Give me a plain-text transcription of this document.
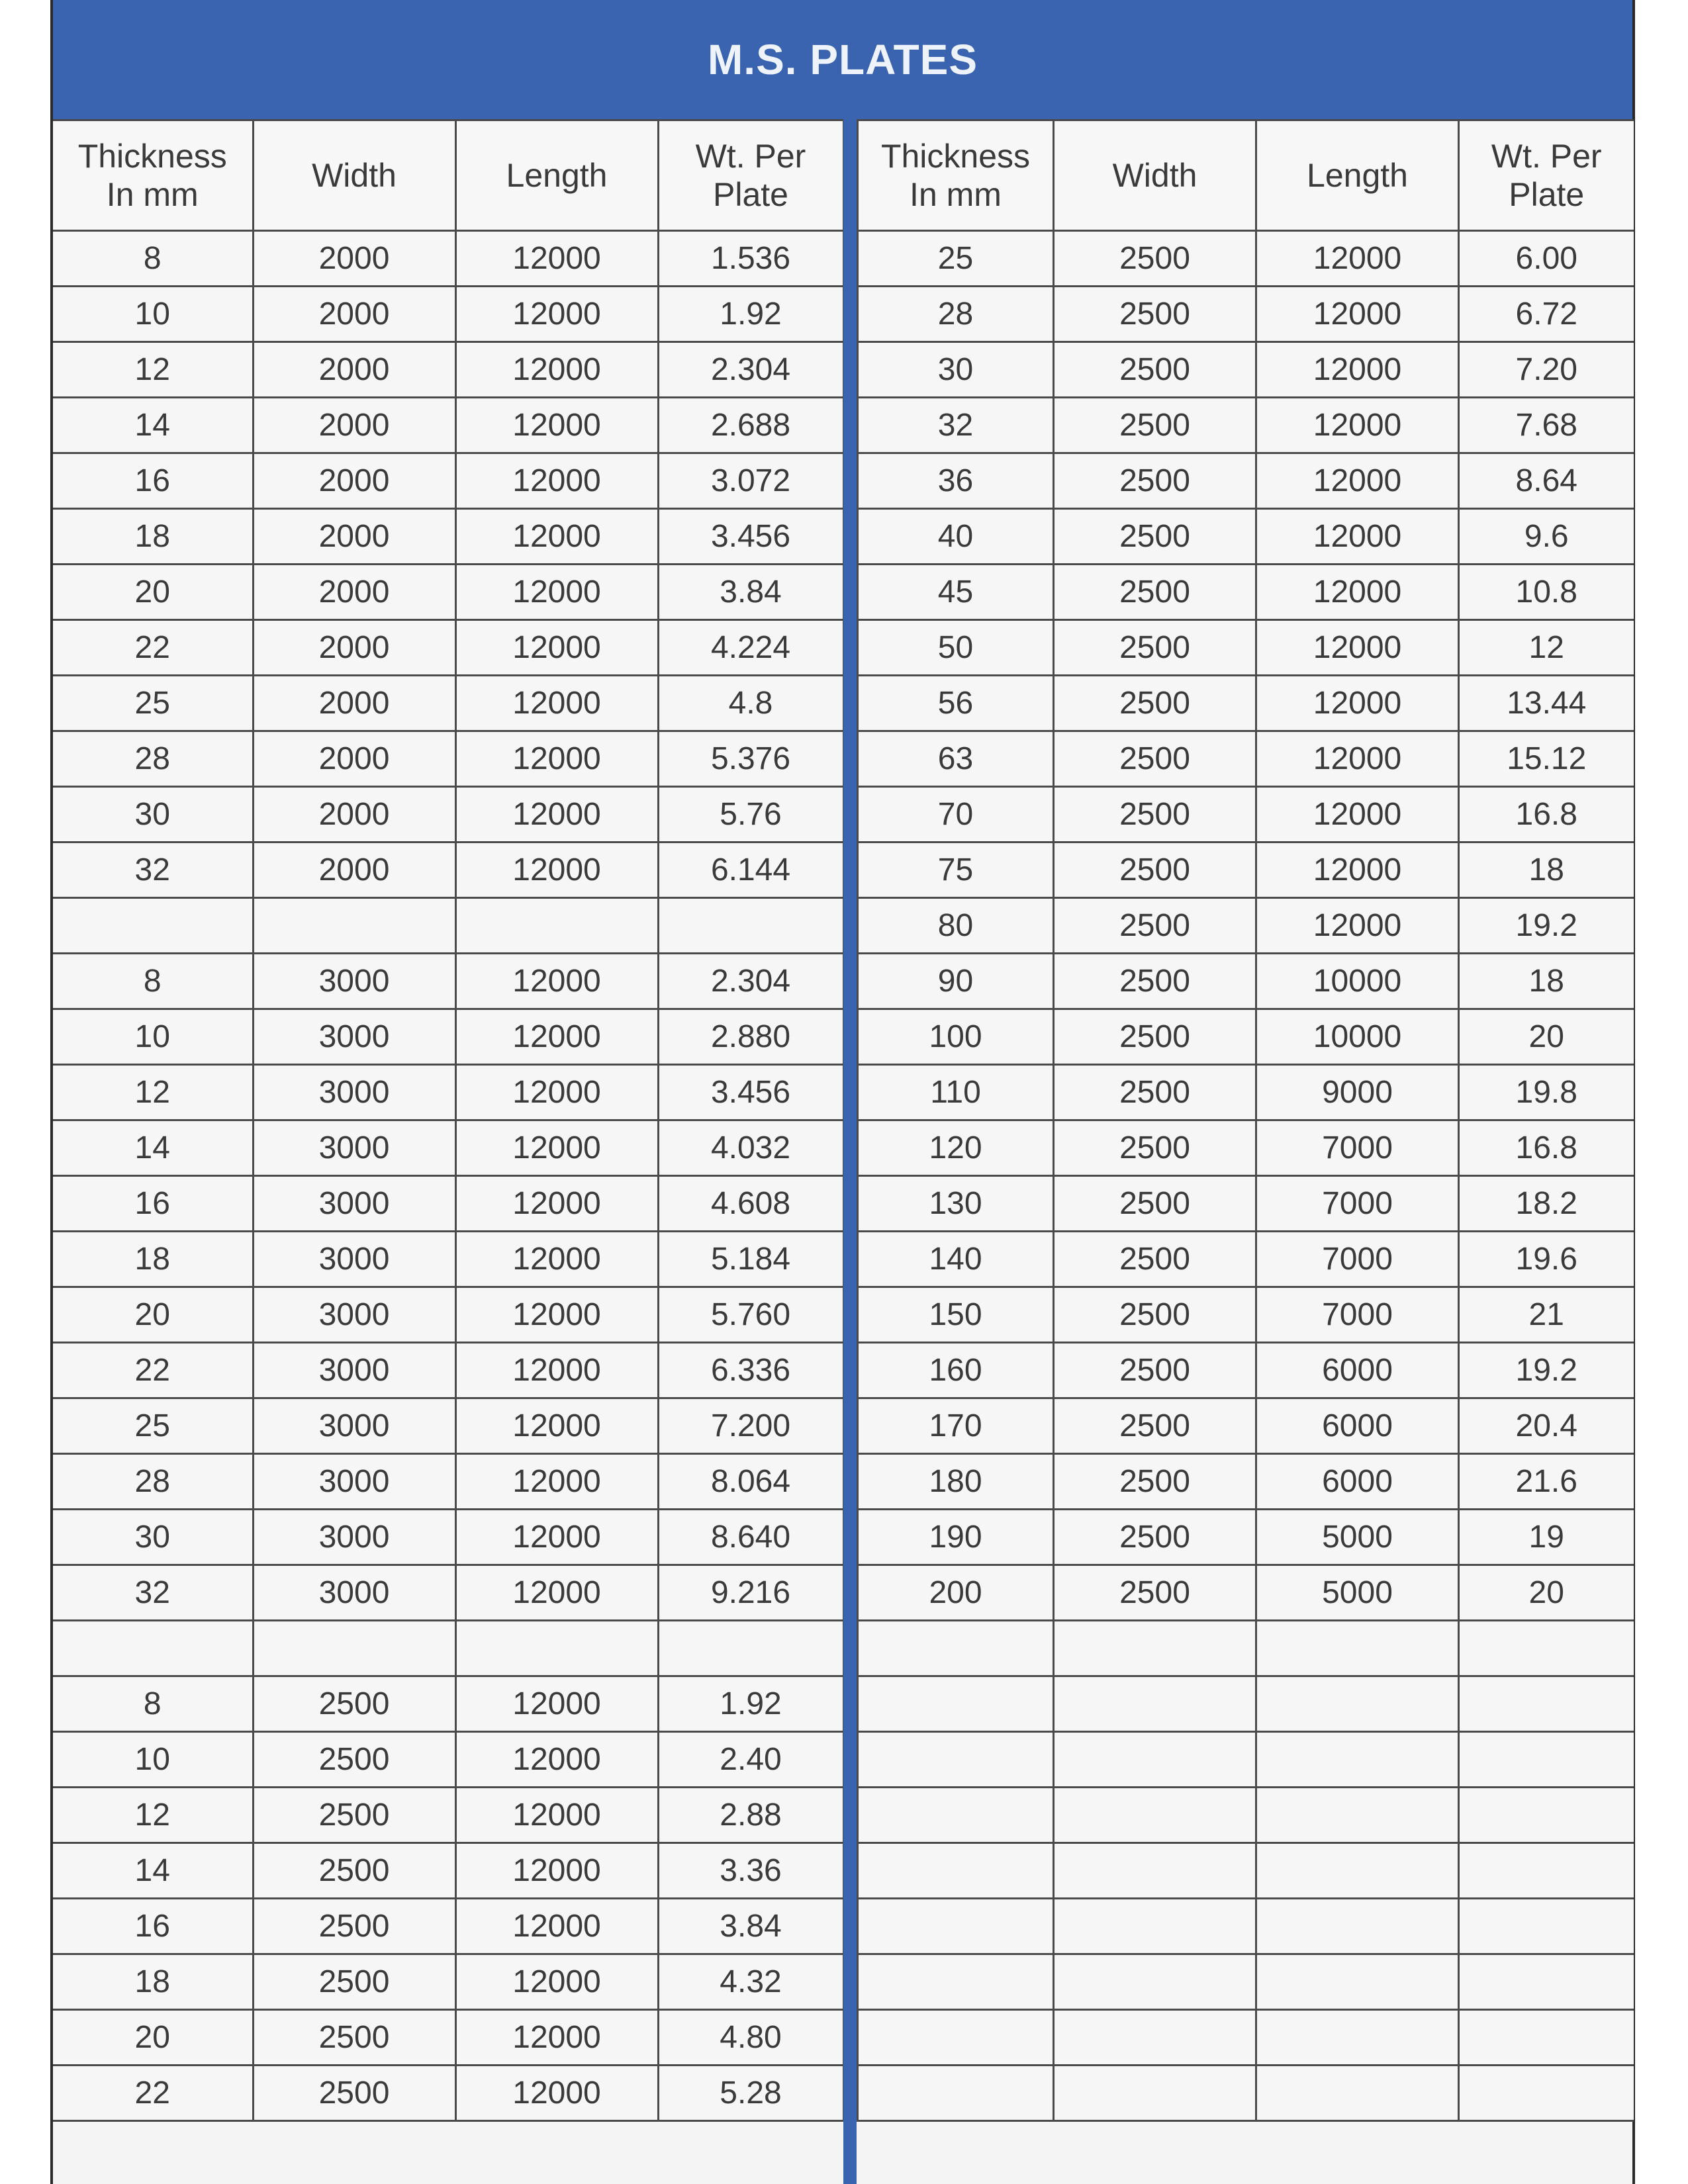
M.S. PLATES
Thickness
In mm	Width	Length	Wt. Per
Plate

8	2000	12000	1.536
10	2000	12000	1.92
12	2000	12000	2.304
14	2000	12000	2.688
16	2000	12000	3.072
18	2000	12000	3.456
20	2000	12000	3.84
22	2000	12000	4.224
25	2000	12000	4.8
28	2000	12000	5.376
30	2000	12000	5.76
32	2000	12000	6.144

8	3000	12000	2.304
10	3000	12000	2.880
12	3000	12000	3.456
14	3000	12000	4.032
16	3000	12000	4.608
18	3000	12000	5.184
20	3000	12000	5.760
22	3000	12000	6.336
25	3000	12000	7.200
28	3000	12000	8.064
30	3000	12000	8.640
32	3000	12000	9.216

8	2500	12000	1.92
10	2500	12000	2.40
12	2500	12000	2.88
14	2500	12000	3.36
16	2500	12000	3.84
18	2500	12000	4.32
20	2500	12000	4.80
22	2500	12000	5.28
Thickness
In mm	Width	Length	Wt. Per
Plate

25	2500	12000	6.00
28	2500	12000	6.72
30	2500	12000	7.20
32	2500	12000	7.68
36	2500	12000	8.64
40	2500	12000	9.6
45	2500	12000	10.8
50	2500	12000	12
56	2500	12000	13.44
63	2500	12000	15.12
70	2500	12000	16.8
75	2500	12000	18
80	2500	12000	19.2
90	2500	10000	18
100	2500	10000	20
110	2500	9000	19.8
120	2500	7000	16.8
130	2500	7000	18.2
140	2500	7000	19.6
150	2500	7000	21
160	2500	6000	19.2
170	2500	6000	20.4
180	2500	6000	21.6
190	2500	5000	19
200	2500	5000	20
